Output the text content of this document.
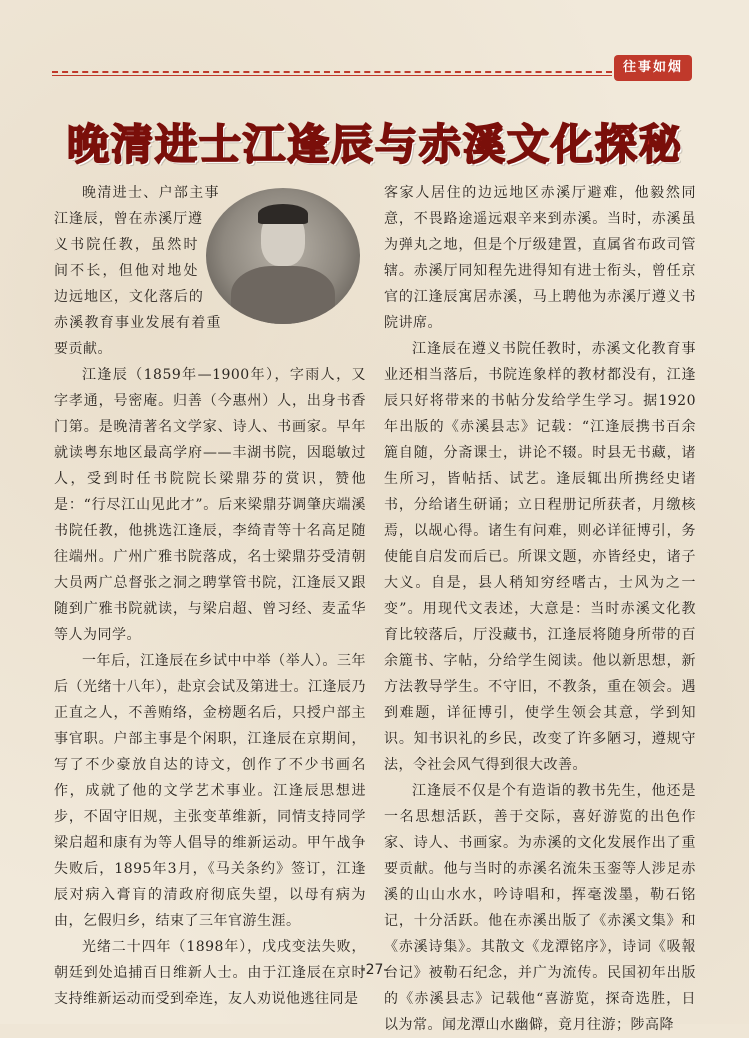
往事如烟
晚清进士江逢辰与赤溪文化探秘

晚清进士、户部主事江逢辰，曾在赤溪厅遵义书院任教，虽然时间不长，但他对地处边远地区，文化落后的赤溪教育事业发展有着重要贡献。

江逢辰（1859年—1900年），字雨人，又字孝通，号密庵。归善（今惠州）人，出身书香门第。是晚清著名文学家、诗人、书画家。早年就读粤东地区最高学府——丰湖书院，因聪敏过人，受到时任书院院长梁鼎芬的赏识，赞他是：“行尽江山见此才”。后来梁鼎芬调肇庆端溪书院任教，他挑选江逢辰，李绮青等十名高足随往端州。广州广雅书院落成，名士梁鼎芬受清朝大员两广总督张之洞之聘掌管书院，江逢辰又跟随到广雅书院就读，与梁启超、曾习经、麦孟华等人为同学。

一年后，江逢辰在乡试中中举（举人）。三年后（光绪十八年），赴京会试及第进士。江逢辰乃正直之人，不善贿络，金榜题名后，只授户部主事官职。户部主事是个闲职，江逢辰在京期间，写了不少豪放自达的诗文，创作了不少书画名作，成就了他的文学艺术事业。江逢辰思想进步，不固守旧规，主张变革维新，同情支持同学梁启超和康有为等人倡导的维新运动。甲午战争失败后，1895年3月，《马关条约》签订，江逢辰对病入膏肓的清政府彻底失望，以母有病为由，乞假归乡，结束了三年官游生涯。

光绪二十四年（1898年），戊戌变法失败，朝廷到处追捕百日维新人士。由于江逢辰在京时支持维新运动而受到牵连，友人劝说他逃往同是

客家人居住的边远地区赤溪厅避难，他毅然同意，不畏路途遥远艰辛来到赤溪。当时，赤溪虽为弹丸之地，但是个厅级建置，直属省布政司管辖。赤溪厅同知程先进得知有进士衔头，曾任京官的江逢辰寓居赤溪，马上聘他为赤溪厅遵义书院讲席。

江逢辰在遵义书院任教时，赤溪文化教育事业还相当落后，书院连象样的教材都没有，江逢辰只好将带来的书帖分发给学生学习。据1920年出版的《赤溪县志》记载：“江逢辰携书百余簏自随，分斋课士，讲论不辍。时县无书藏，诸生所习，皆帖括、试艺。逢辰辄出所携经史诸书，分给诸生研诵；立日程册记所获者，月缴核焉，以觇心得。诸生有问难，则必详征博引，务使能自启发而后已。所课文题，亦皆经史，诸子大义。自是，县人稍知穷经嗜古，士风为之一变”。用现代文表述，大意是：当时赤溪文化教育比较落后，厅没藏书，江逢辰将随身所带的百余簏书、字帖，分给学生阅读。他以新思想，新方法教导学生。不守旧，不教条，重在领会。遇到难题，详征博引，使学生领会其意，学到知识。知书识礼的乡民，改变了许多陋习，遵规守法，令社会风气得到很大改善。

江逢辰不仅是个有造诣的教书先生，他还是一名思想活跃，善于交际，喜好游览的出色作家、诗人、书画家。为赤溪的文化发展作出了重要贡献。他与当时的赤溪名流朱玉銮等人涉足赤溪的山山水水，吟诗唱和，挥毫泼墨，勒石铭记，十分活跃。他在赤溪出版了《赤溪文集》和《赤溪诗集》。其散文《龙潭铭序》，诗词《吸報台记》被勒石纪念，并广为流传。民国初年出版的《赤溪县志》记载他“喜游览，探奇选胜，日以为常。闻龙潭山水幽僻，竟月往游；陟高降

-27-
